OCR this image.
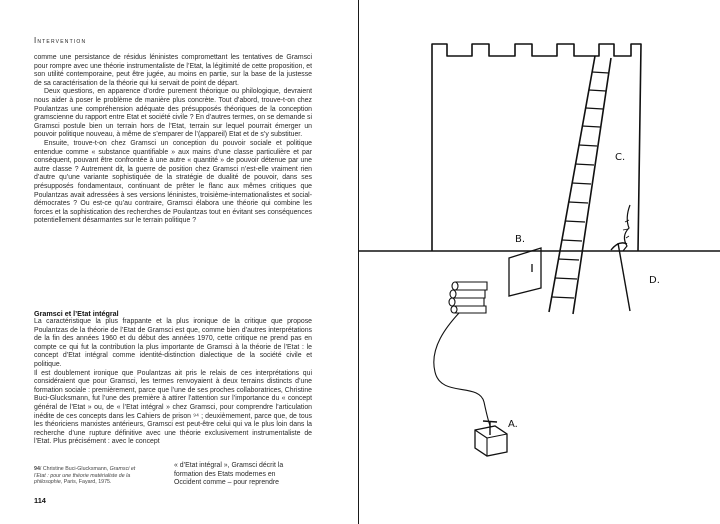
Intervention

comme une persistance de résidus léninistes compromettant les tentatives de Gramsci pour rompre avec une théorie instrumentaliste de l’Etat, la légitimité de cette proposition, et son utilité contemporaine, peut être jugée, au moins en partie, sur la base de la justesse de sa caractérisation de la théorie qui lui servait de point de départ.

Deux questions, en apparence d’ordre purement théorique ou philologique, devraient nous aider à poser le problème de manière plus concrète. Tout d’abord, trouve-t-on chez Poulantzas une compréhension adéquate des présupposés théoriques de la conception gramscienne du rapport entre Etat et société civile ? En d’autres termes, on se demande si Gramsci postule bien un terrain hors de l’Etat, terrain sur lequel pourrait émerger un pouvoir politique nouveau, à même de s’emparer de l’(appareil) Etat et de s’y substituer.

Ensuite, trouve-t-on chez Gramsci un conception du pouvoir sociale et politique entendue comme « substance quantifiable » aux mains d’une classe particulière et par conséquent, pouvant être confrontée à une autre « quantité » de pouvoir détenue par une autre classe ? Autrement dit, la guerre de position chez Gramsci n’est-elle vraiment rien d’autre qu’une variante sophistiquée de la stratégie de dualité de pouvoir, dans ses présupposés fondamentaux, continuant de prêter le flanc aux mêmes critiques que Poulantzas avait adressées à ses versions léninistes, troisième-internationalistes et social-démocrates ? Ou est-ce qu’au contraire, Gramsci élabora une théorie qui combine les forces et la sophistication des recherches de Poulantzas tout en évitant ses conséquences potentiellement désarmantes sur le terrain politique ?

Gramsci et l’Etat intégral

La caractéristique la plus frappante et la plus ironique de la critique que propose Poulantzas de la théorie de l’Etat de Gramsci est que, comme bien d’autres interprétations de la fin des années 1960 et du début des années 1970, cette critique ne prend pas en compte ce qui fut la contribution la plus importante de Gramsci à la théorie de l’Etat : le concept d’Etat intégral comme identité-distinction dialectique de la société civile et politique.

Il est doublement ironique que Poulantzas ait pris le relais de ces interprétations qui considéraient que pour Gramsci, les termes renvoyaient à deux terrains distincts d’une formation sociale : premièrement, parce que l’une de ses proches collaboratrices, Christine Buci-Glucksmann, fut l’une des première à attirer l’attention sur l’importance du « concept général de l’Etat » ou, de « l’Etat intégral » chez Gramsci, pour comprendre l’articulation inédite de ces concepts dans les Cahiers de prison ⁹⁴ ; deuxièmement, parce que, de tous les théoriciens marxistes antérieurs, Gramsci est peut-être celui qui va le plus loin dans la recherche d’une rupture définitive avec une théorie exclusivement instrumentaliste de l’Etat. Plus précisément : avec le concept

94/ Christine Buci-Glucksmann, Gramsci et l’Etat : pour une théorie matérialiste de la philosophie, Paris, Fayard, 1975.
« d’Etat intégral », Gramsci décrit la
formation des Etats modernes en
Occident comme – pour reprendre
114
B.
C.
D.
A.
